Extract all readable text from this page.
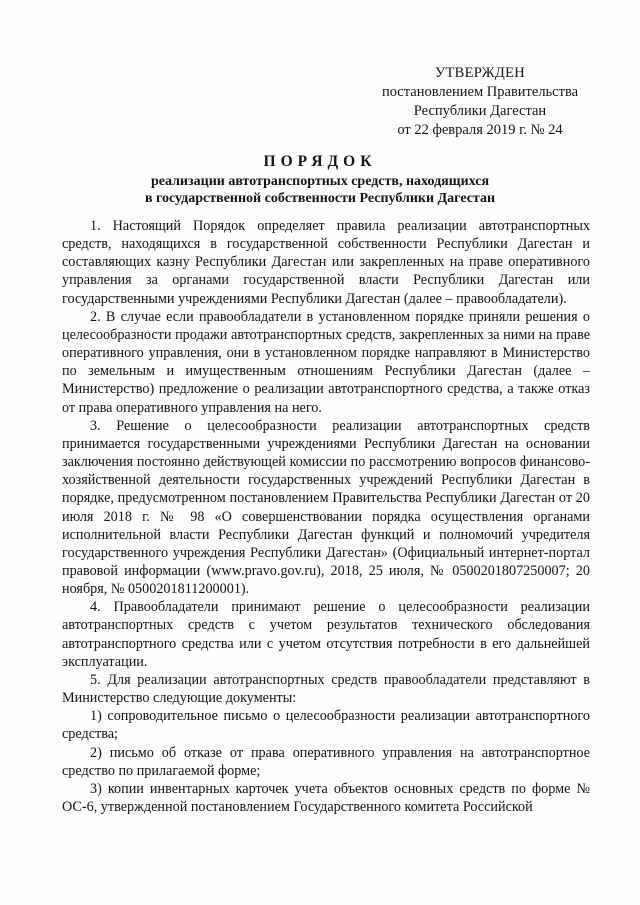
УТВЕРЖДЕН
постановлением Правительства
Республики Дагестан
от 22 февраля 2019 г. № 24
ПОРЯДОК
реализации автотранспортных средств, находящихся
в государственной собственности Республики Дагестан

1. Настоящий Порядок определяет правила реализации автотранспортных средств, находящихся в государственной собственности Республики Дагестан и составляющих казну Республики Дагестан или закрепленных на праве оперативного управления за органами государственной власти Республики Дагестан или государственными учреждениями Республики Дагестан (далее – правообладатели).

2. В случае если правообладатели в установленном порядке приняли решения о целесообразности продажи автотранспортных средств, закрепленных за ними на праве оперативного управления, они в установленном порядке направляют в Министерство по земельным и имущественным отношениям Республики Дагестан (далее – Министерство) предложение о реализации автотранспортного средства, а также отказ от права оперативного управления на него.

3. Решение о целесообразности реализации автотранспортных средств принимается государственными учреждениями Республики Дагестан на основании заключения постоянно действующей комиссии по рассмотрению вопросов финансово-хозяйственной деятельности государственных учреждений Республики Дагестан в порядке, предусмотренном постановлением Правительства Республики Дагестан от 20 июля 2018 г. № 98 «О совершенствовании порядка осуществления органами исполнительной власти Республики Дагестан функций и полномочий учредителя государственного учреждения Республики Дагестан» (Официальный интернет-портал правовой информации (www.pravo.gov.ru), 2018, 25 июля, № 0500201807250007; 20 ноября, № 0500201811200001).

4. Правообладатели принимают решение о целесообразности реализации автотранспортных средств с учетом результатов технического обследования автотранспортного средства или с учетом отсутствия потребности в его дальнейшей эксплуатации.

5. Для реализации автотранспортных средств правообладатели представляют в Министерство следующие документы:

1) сопроводительное письмо о целесообразности реализации автотранспортного средства;

2) письмо об отказе от права оперативного управления на автотранспортное средство по прилагаемой форме;

3) копии инвентарных карточек учета объектов основных средств по форме № ОС-6, утвержденной постановлением Государственного комитета Российской
